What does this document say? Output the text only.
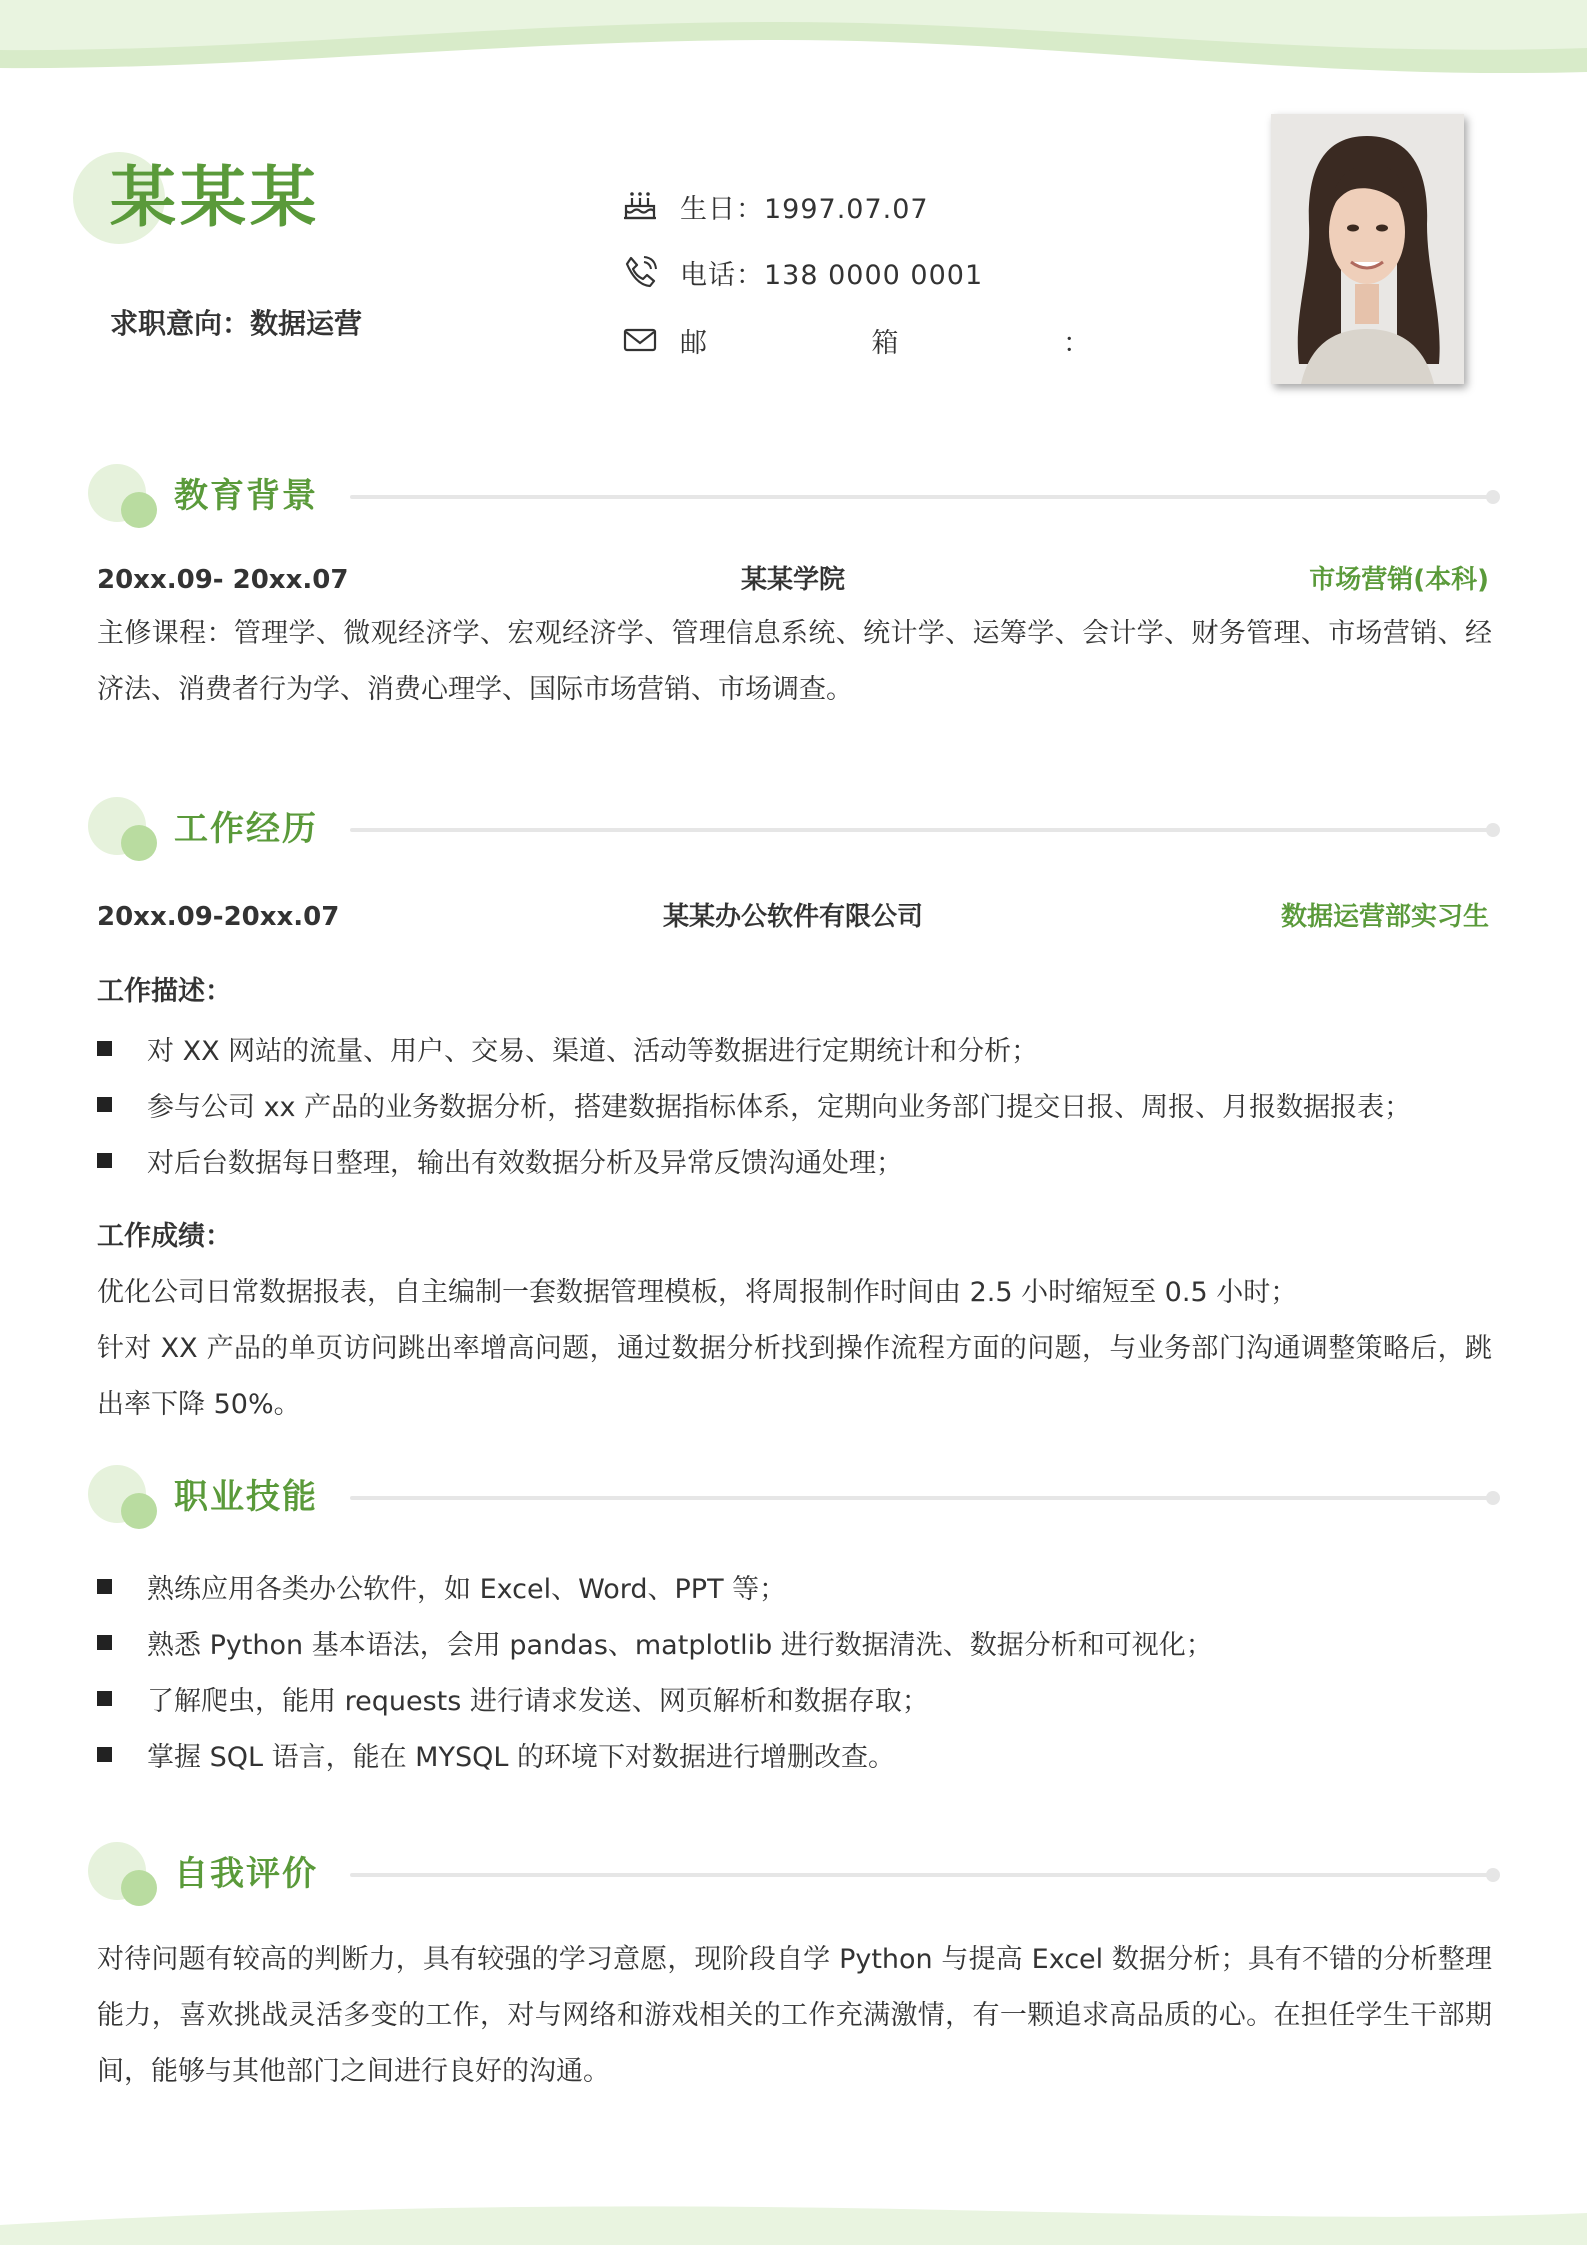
某某某
求职意向：数据运营
生日：1997.07.07
电话：138 0000 0001
邮	箱	：
教育背景
20xx.09- 20xx.07	某某学院	市场营销(本科)
主修课程：管理学、微观经济学、宏观经济学、管理信息系统、统计学、运筹学、会计学、财务管理、市场营销、经济法、消费者行为学、消费心理学、国际市场营销、市场调查。
工作经历
20xx.09-20xx.07	某某办公软件有限公司	数据运营部实习生
工作描述：
对 XX 网站的流量、用户、交易、渠道、活动等数据进行定期统计和分析；
参与公司 xx 产品的业务数据分析，搭建数据指标体系，定期向业务部门提交日报、周报、月报数据报表；
对后台数据每日整理，输出有效数据分析及异常反馈沟通处理；
工作成绩：
优化公司日常数据报表，自主编制一套数据管理模板，将周报制作时间由 2.5 小时缩短至 0.5 小时；
针对 XX 产品的单页访问跳出率增高问题，通过数据分析找到操作流程方面的问题，与业务部门沟通调整策略后，跳出率下降 50%。
职业技能
熟练应用各类办公软件，如 Excel、Word、PPT 等；
熟悉 Python 基本语法，会用 pandas、matplotlib 进行数据清洗、数据分析和可视化；
了解爬虫，能用 requests 进行请求发送、网页解析和数据存取；
掌握 SQL 语言，能在 MYSQL 的环境下对数据进行增删改查。
自我评价
对待问题有较高的判断力，具有较强的学习意愿，现阶段自学 Python 与提高 Excel 数据分析；具有不错的分析整理能力，喜欢挑战灵活多变的工作，对与网络和游戏相关的工作充满激情，有一颗追求高品质的心。在担任学生干部期间，能够与其他部门之间进行良好的沟通。
